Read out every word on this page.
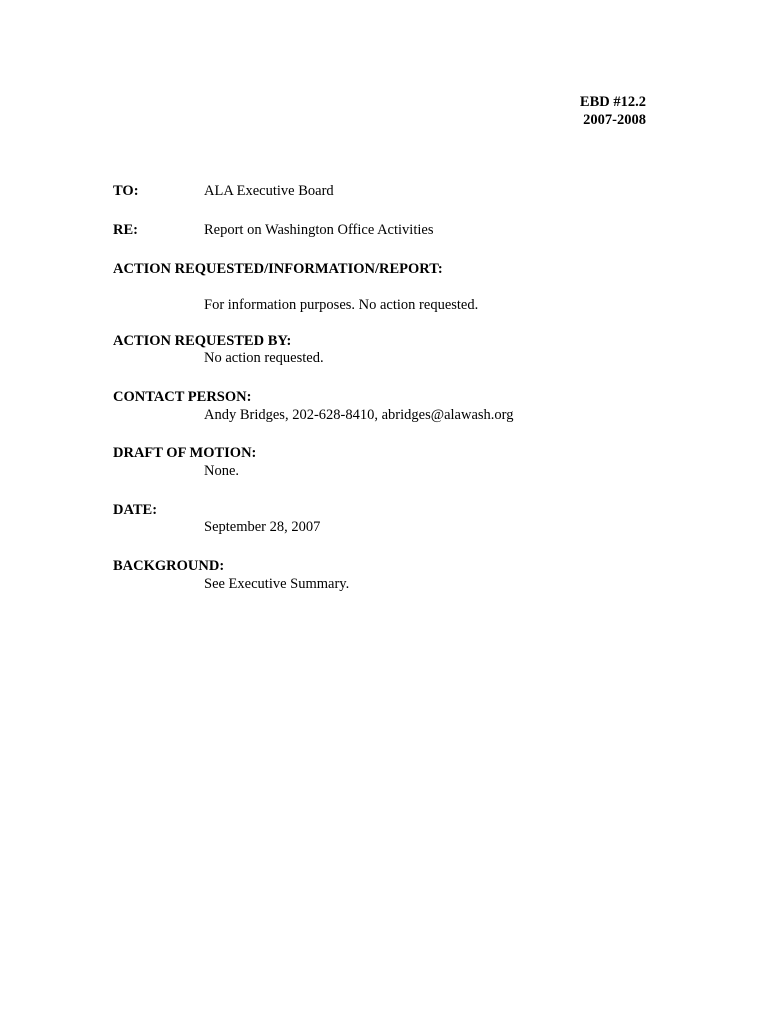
EBD #12.2
2007-2008
TO:	ALA Executive Board
RE:	Report on Washington Office Activities
ACTION REQUESTED/INFORMATION/REPORT:
For information purposes. No action requested.
ACTION REQUESTED BY:
No action requested.
CONTACT PERSON:
Andy Bridges, 202-628-8410, abridges@alawash.org
DRAFT OF MOTION:
None.
DATE:
September 28, 2007
BACKGROUND:
See Executive Summary.
